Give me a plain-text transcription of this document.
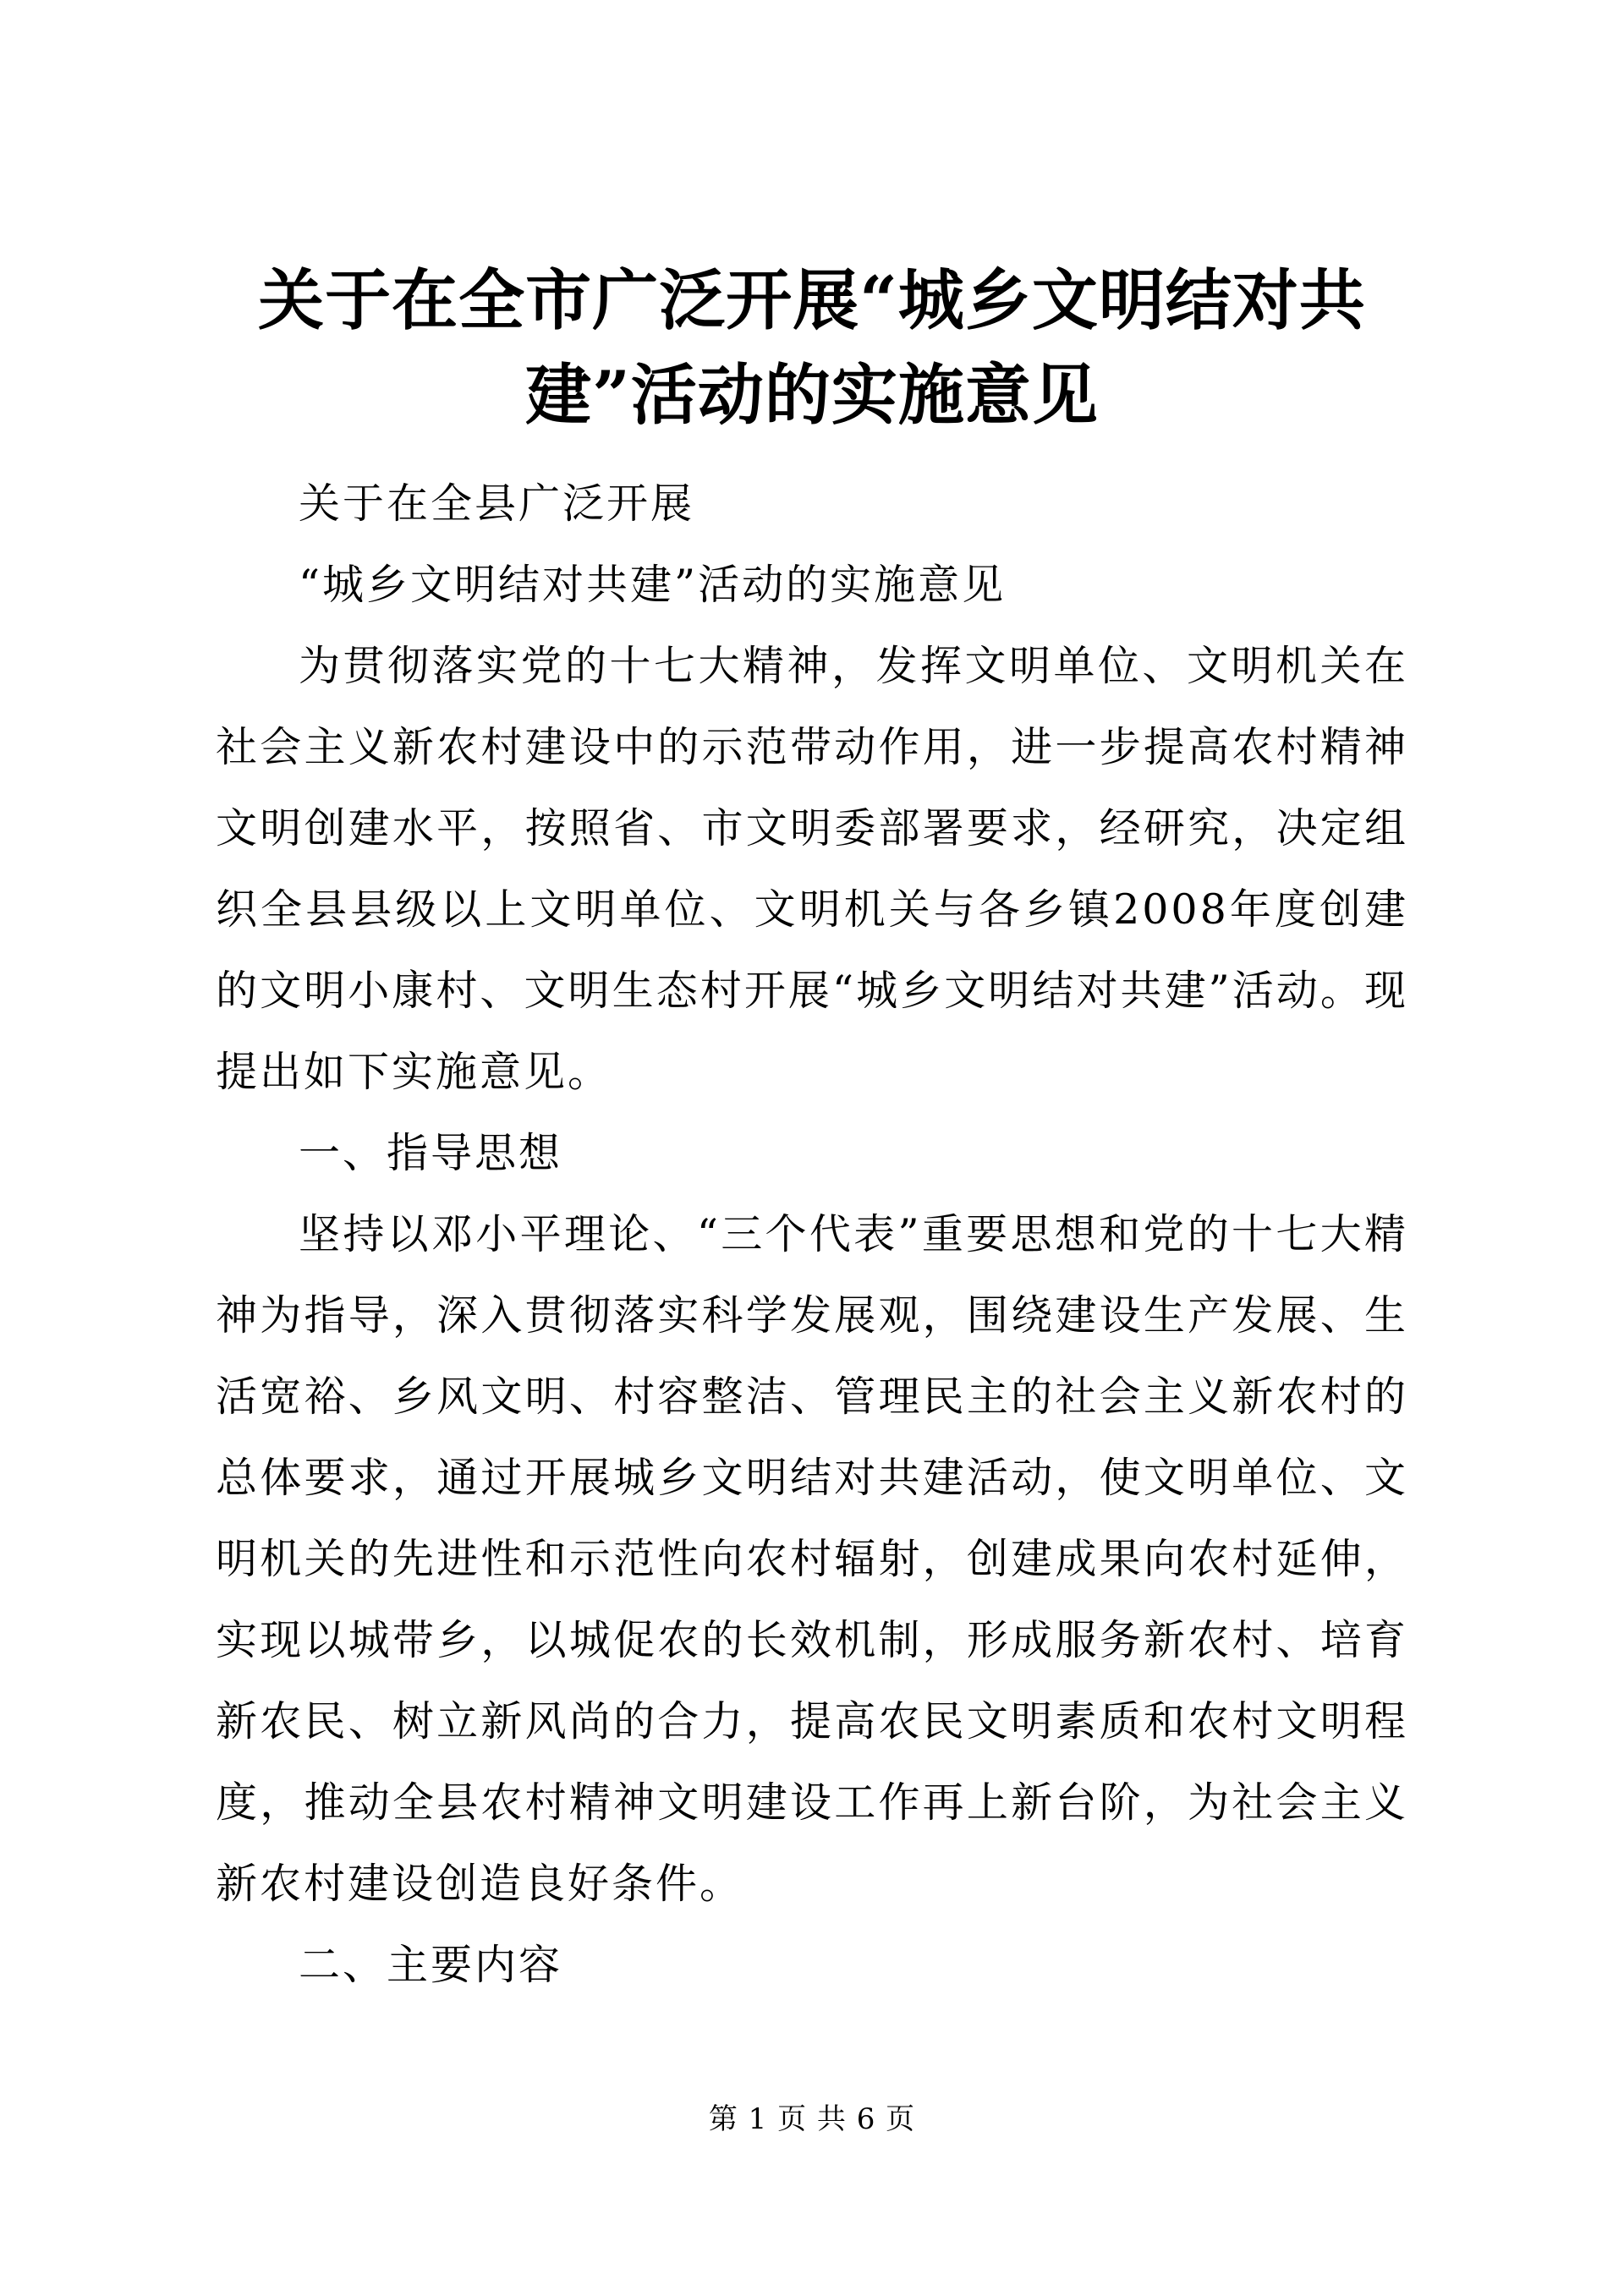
关于在全市广泛开展“城乡文明结对共建”活动的实施意见

关于在全县广泛开展

“城乡文明结对共建”活动的实施意见

为贯彻落实党的十七大精神，发挥文明单位、文明机关在社会主义新农村建设中的示范带动作用，进一步提高农村精神文明创建水平，按照省、市文明委部署要求，经研究，决定组织全县县级以上文明单位、文明机关与各乡镇2008年度创建的文明小康村、文明生态村开展“城乡文明结对共建”活动。现提出如下实施意见。

一、指导思想

坚持以邓小平理论、“三个代表”重要思想和党的十七大精神为指导，深入贯彻落实科学发展观，围绕建设生产发展、生活宽裕、乡风文明、村容整洁、管理民主的社会主义新农村的总体要求，通过开展城乡文明结对共建活动，使文明单位、文明机关的先进性和示范性向农村辐射，创建成果向农村延伸，实现以城带乡，以城促农的长效机制，形成服务新农村、培育新农民、树立新风尚的合力，提高农民文明素质和农村文明程度，推动全县农村精神文明建设工作再上新台阶，为社会主义新农村建设创造良好条件。

二、主要内容

第 1 页 共 6 页
